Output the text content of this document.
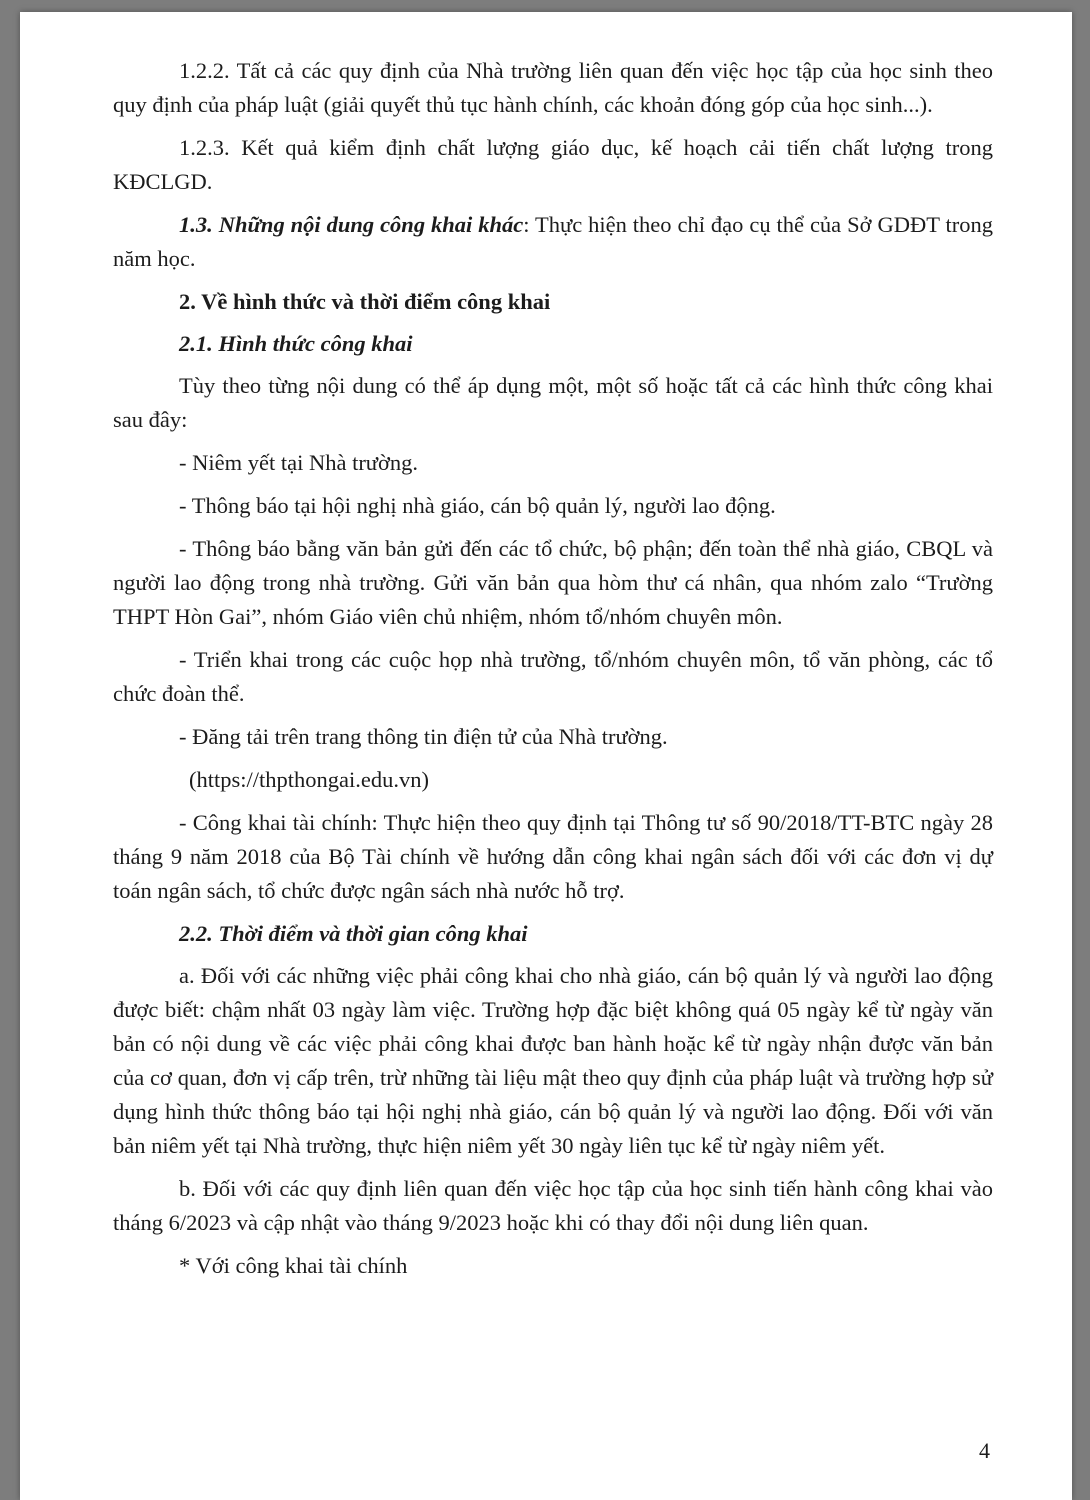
1.2.2. Tất cả các quy định của Nhà trường liên quan đến việc học tập của học sinh theo quy định của pháp luật (giải quyết thủ tục hành chính, các khoản đóng góp của học sinh...).

1.2.3. Kết quả kiểm định chất lượng giáo dục, kế hoạch cải tiến chất lượng trong KĐCLGD.

1.3. Những nội dung công khai khác: Thực hiện theo chỉ đạo cụ thể của Sở GDĐT trong năm học.

2. Về hình thức và thời điểm công khai

2.1. Hình thức công khai

Tùy theo từng nội dung có thể áp dụng một, một số hoặc tất cả các hình thức công khai sau đây:

- Niêm yết tại Nhà trường.

- Thông báo tại hội nghị nhà giáo, cán bộ quản lý, người lao động.

- Thông báo bằng văn bản gửi đến các tổ chức, bộ phận; đến toàn thể nhà giáo, CBQL và người lao động trong nhà trường. Gửi văn bản qua hòm thư cá nhân, qua nhóm zalo “Trường THPT Hòn Gai”, nhóm Giáo viên chủ nhiệm, nhóm tổ/nhóm chuyên môn.

- Triển khai trong các cuộc họp nhà trường, tổ/nhóm chuyên môn, tổ văn phòng, các tổ chức đoàn thể.

- Đăng tải trên trang thông tin điện tử của Nhà trường.

(https://thpthongai.edu.vn)

- Công khai tài chính: Thực hiện theo quy định tại Thông tư số 90/2018/TT-BTC ngày 28 tháng 9 năm 2018 của Bộ Tài chính về hướng dẫn công khai ngân sách đối với các đơn vị dự toán ngân sách, tổ chức được ngân sách nhà nước hỗ trợ.

2.2. Thời điểm và thời gian công khai

a. Đối với các những việc phải công khai cho nhà giáo, cán bộ quản lý và người lao động được biết: chậm nhất 03 ngày làm việc. Trường hợp đặc biệt không quá 05 ngày kể từ ngày văn bản có nội dung về các việc phải công khai được ban hành hoặc kể từ ngày nhận được văn bản của cơ quan, đơn vị cấp trên, trừ những tài liệu mật theo quy định của pháp luật và trường hợp sử dụng hình thức thông báo tại hội nghị nhà giáo, cán bộ quản lý và người lao động. Đối với văn bản niêm yết tại Nhà trường, thực hiện niêm yết 30 ngày liên tục kể từ ngày niêm yết.

b. Đối với các quy định liên quan đến việc học tập của học sinh tiến hành công khai vào tháng 6/2023 và cập nhật vào tháng 9/2023 hoặc khi có thay đổi nội dung liên quan.

* Với công khai tài chính

4
